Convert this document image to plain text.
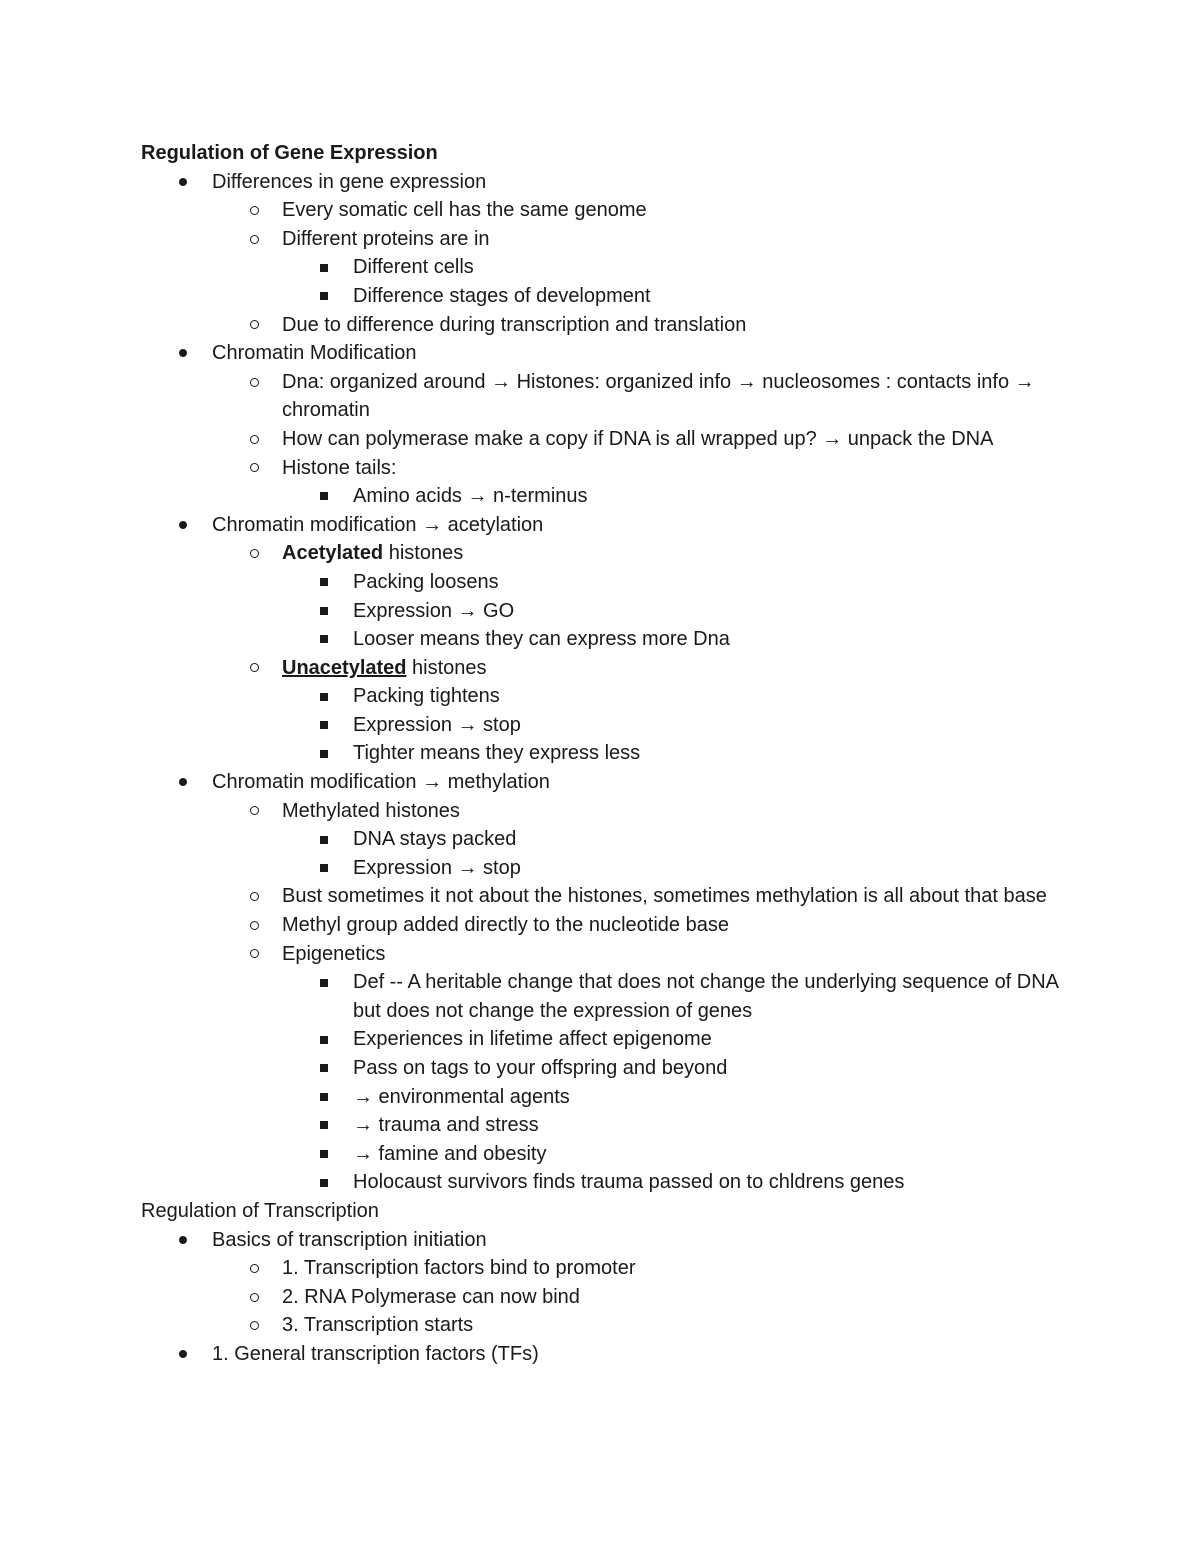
Regulation of Gene Expression
Differences in gene expression
Every somatic cell has the same genome
Different proteins are in
Different cells
Difference stages of development
Due to difference during transcription and translation
Chromatin Modification
Dna: organized around → Histones: organized info → nucleosomes : contacts info → chromatin
How can polymerase make a copy if DNA is all wrapped up? → unpack the DNA
Histone tails:
Amino acids → n-terminus
Chromatin modification → acetylation
Acetylated histones
Packing loosens
Expression → GO
Looser means they can express more Dna
Unacetylated histones
Packing tightens
Expression → stop
Tighter means they express less
Chromatin modification → methylation
Methylated histones
DNA stays packed
Expression → stop
Bust sometimes it not about the histones, sometimes methylation is all about that base
Methyl group added directly to the nucleotide base
Epigenetics
Def -- A heritable change that does not change the underlying sequence of DNA but does not change the expression of genes
Experiences in lifetime affect epigenome
Pass on tags to your offspring and beyond
→ environmental agents
→ trauma and stress
→ famine and obesity
Holocaust survivors finds trauma passed on to chldrens genes
Regulation of Transcription
Basics of transcription initiation
1. Transcription factors bind to promoter
2. RNA Polymerase can now bind
3. Transcription starts
1. General transcription factors (TFs)
